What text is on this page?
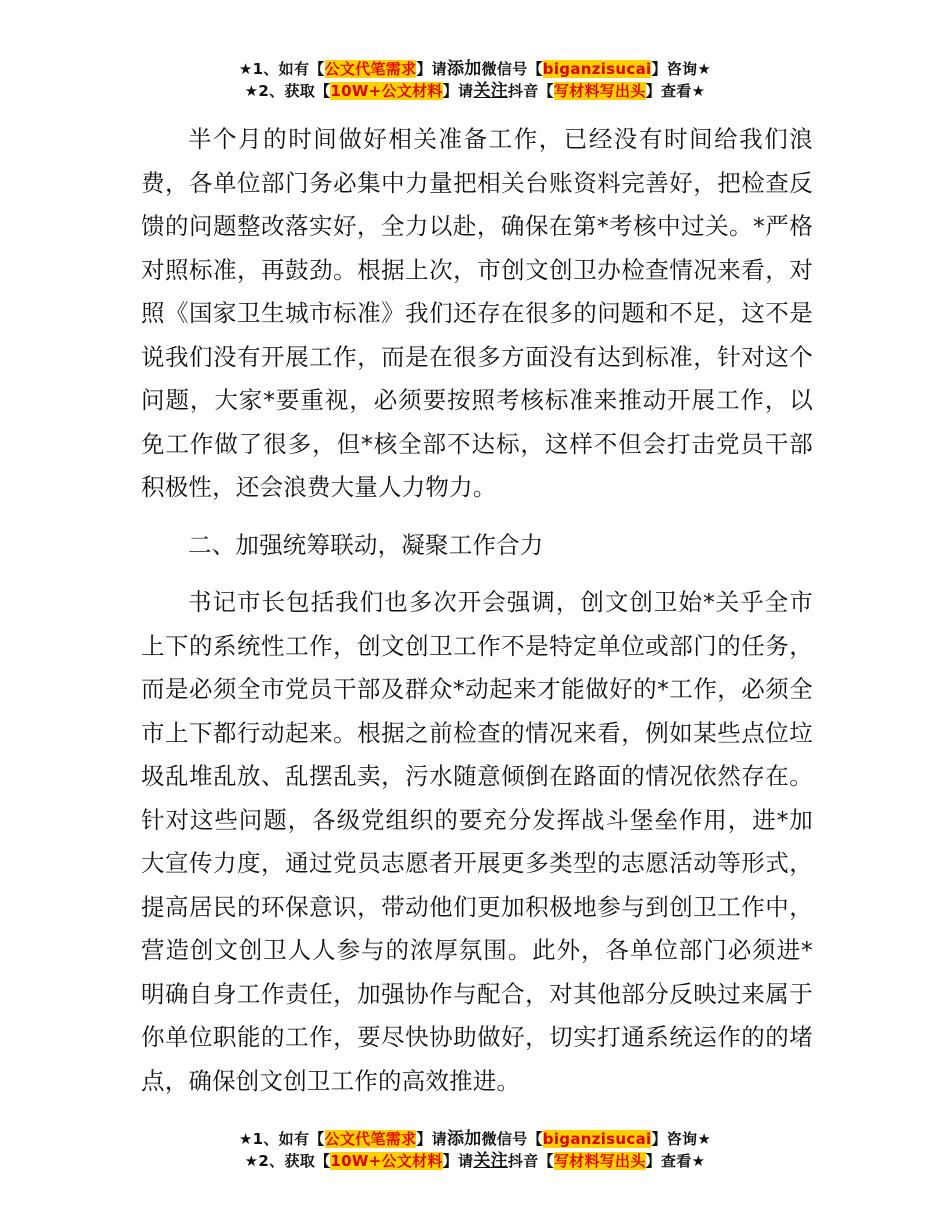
★1、如有【公文代笔需求】请添加微信号【biganzisucai】咨询★
★2、获取【10W+公文材料】请关注抖音【写材料写出头】查看★

半个月的时间做好相关准备工作，已经没有时间给我们浪费，各单位部门务必集中力量把相关台账资料完善好，把检查反馈的问题整改落实好，全力以赴，确保在第*考核中过关。*严格对照标准，再鼓劲。根据上次，市创文创卫办检查情况来看，对照《国家卫生城市标准》我们还存在很多的问题和不足，这不是说我们没有开展工作，而是在很多方面没有达到标准，针对这个问题，大家*要重视，必须要按照考核标准来推动开展工作，以免工作做了很多，但*核全部不达标，这样不但会打击党员干部积极性，还会浪费大量人力物力。

二、加强统筹联动，凝聚工作合力

书记市长包括我们也多次开会强调，创文创卫始*关乎全市上下的系统性工作，创文创卫工作不是特定单位或部门的任务，而是必须全市党员干部及群众*动起来才能做好的*工作，必须全市上下都行动起来。根据之前检查的情况来看，例如某些点位垃圾乱堆乱放、乱摆乱卖，污水随意倾倒在路面的情况依然存在。针对这些问题，各级党组织的要充分发挥战斗堡垒作用，进*加大宣传力度，通过党员志愿者开展更多类型的志愿活动等形式，提高居民的环保意识，带动他们更加积极地参与到创卫工作中，营造创文创卫人人参与的浓厚氛围。此外，各单位部门必须进*明确自身工作责任，加强协作与配合，对其他部分反映过来属于你单位职能的工作，要尽快协助做好，切实打通系统运作的的堵点，确保创文创卫工作的高效推进。

★1、如有【公文代笔需求】请添加微信号【biganzisucai】咨询★
★2、获取【10W+公文材料】请关注抖音【写材料写出头】查看★
